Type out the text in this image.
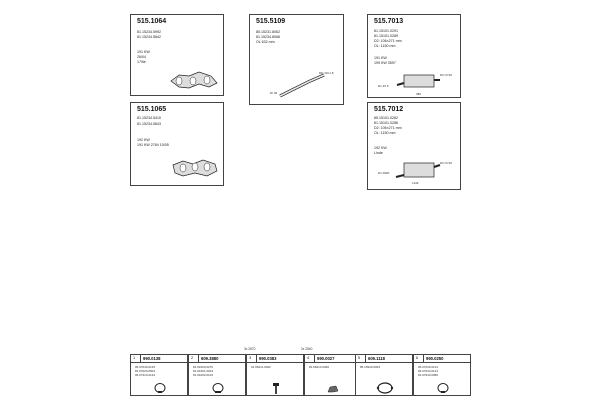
515.1064
81.15234.5992
81.15234.5842
191 KW
26/04
17/tie
515.5109
85.15231.8062
81.15234.8066
OL 632 mm
DD 40×1.8
DI 45
515.7013
81.15101.0291
81.15101.0289
D2: 106×271 mm
OL: 1150 mm
191 KW
199 KW 3597
DO 0710
D1 45.5
380
515.1065
81.15234.5410
81.15234.5843
192 KW
191 KW 2784 10/05
515.7012
85.15101.0282
81.15101.0286
D2: 106×271 mm
OL: 1150 mm
192 KW
Linde
DO 0710
D1 0900
1132
3x 2670	2x 2540
1 990.0138
06.07040.0125
81.97020.0503
06.07410.0124
2 609.3880
81.91600.0270
81.91601.0023
81.91600.0125
3 990.0383
91.95211.0062
4 990.0027
81.96213.0066
5 609.1118
85.15940.0063
6 990.0250
06.07040.0124
06.07044.0124
81.97940.0080
